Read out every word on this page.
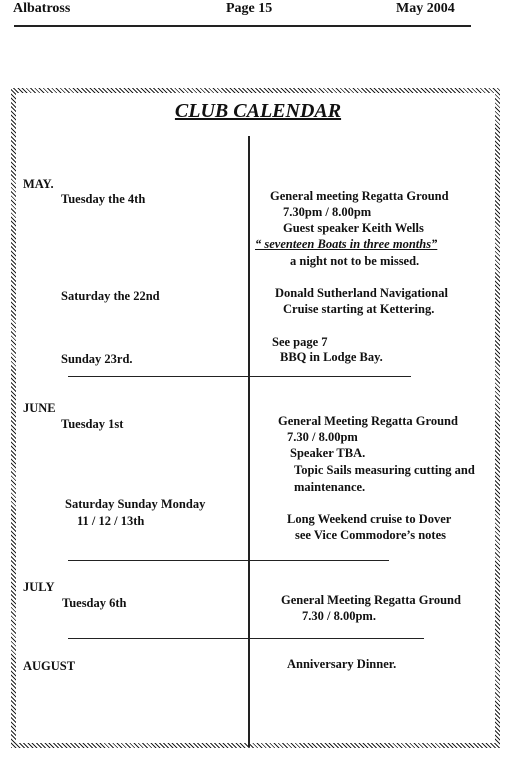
Albatross	Page 15	May 2004
CLUB CALENDAR
MAY.
Tuesday the 4th	General meeting Regatta Ground
7.30pm / 8.00pm
Guest speaker Keith Wells
“ seventeen Boats in three months”
a night not to be missed.
Saturday the 22nd	Donald Sutherland Navigational
Cruise starting at Kettering.
See page 7
Sunday 23rd.	BBQ in Lodge Bay.
JUNE
Tuesday 1st	General Meeting Regatta Ground
7.30 / 8.00pm
Speaker TBA.
Topic Sails measuring cutting and
maintenance.
Saturday Sunday Monday
11 / 12 / 13th	Long Weekend cruise to Dover
see Vice Commodore’s notes
JULY
Tuesday 6th	General Meeting Regatta Ground
7.30 / 8.00pm.
AUGUST	Anniversary Dinner.
